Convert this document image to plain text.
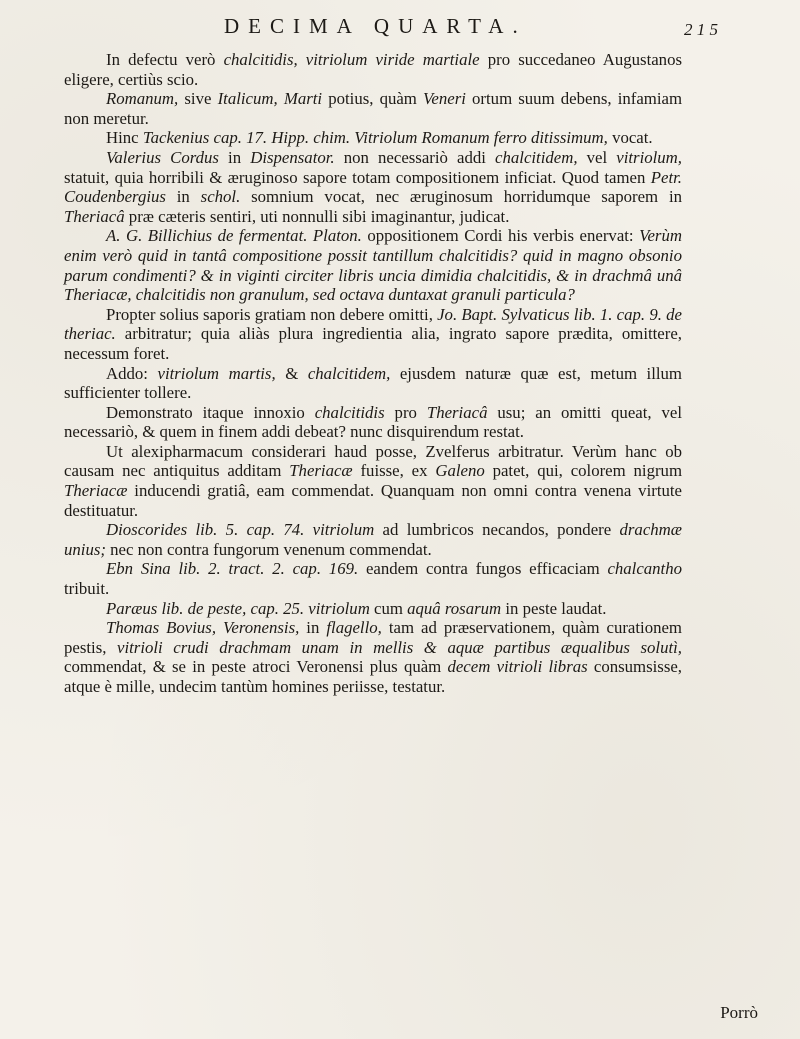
DECIMA QUARTA.	2 1 5

In defectu verò chalcitidis, vitriolum viride martiale pro succedaneo Augustanos eligere, certiùs scio.

Romanum, sive Italicum, Marti potius, quàm Veneri ortum suum debens, infamiam non meretur.

Hinc Tackenius cap. 17. Hipp. chim. Vitriolum Romanum ferro ditissimum, vocat.

Valerius Cordus in Dispensator. non necessariò addi chalcitidem, vel vitriolum, statuit, quia horribili & æruginoso sapore totam compositionem inficiat. Quod tamen Petr. Coudenbergius in schol. somnium vocat, nec æruginosum horridumque saporem in Theriacâ præ cæteris sentiri, uti nonnulli sibi imaginantur, judicat.

A. G. Billichius de fermentat. Platon. oppositionem Cordi his verbis enervat: Verùm enim verò quid in tantâ compositione possit tantillum chalcitidis? quid in magno obsonio parum condimenti? & in viginti circiter libris uncia dimidia chalcitidis, & in drachmâ unâ Theriacæ, chalcitidis non granulum, sed octava duntaxat granuli particula?

Propter solius saporis gratiam non debere omitti, Jo. Bapt. Sylvaticus lib. 1. cap. 9. de theriac. arbitratur; quia aliàs plura ingredientia alia, ingrato sapore prædita, omittere, necessum foret.

Addo: vitriolum martis, & chalcitidem, ejusdem naturæ quæ est, metum illum sufficienter tollere.

Demonstrato itaque innoxio chalcitidis pro Theriacâ usu; an omitti queat, vel necessariò, & quem in finem addi debeat? nunc disquirendum restat.

Ut alexipharmacum considerari haud posse, Zvelferus arbitratur. Verùm hanc ob causam nec antiquitus additam Theriacæ fuisse, ex Galeno patet, qui, colorem nigrum Theriacæ inducendi gratiâ, eam commendat. Quanquam non omni contra venena virtute destituatur.

Dioscorides lib. 5. cap. 74. vitriolum ad lumbricos necandos, pondere drachmæ unius; nec non contra fungorum venenum commendat.

Ebn Sina lib. 2. tract. 2. cap. 169. eandem contra fungos efficaciam chalcantho tribuit.

Paræus lib. de peste, cap. 25. vitriolum cum aquâ rosarum in peste laudat.

Thomas Bovius, Veronensis, in flagello, tam ad præservationem, quàm curationem pestis, vitrioli crudi drachmam unam in mellis & aquæ partibus æqualibus solutì, commendat, & se in peste atroci Veronensi plus quàm decem vitrioli libras consumsisse, atque è mille, undecim tantùm homines periisse, testatur.

Porrò
